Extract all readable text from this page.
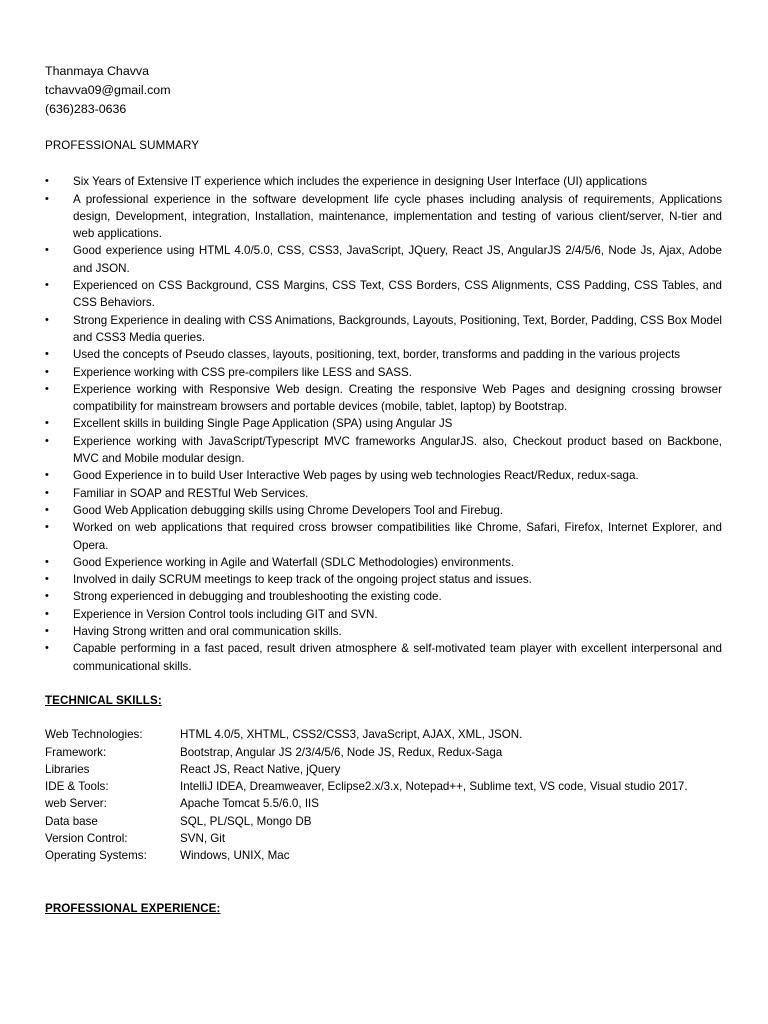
Thanmaya Chavva

tchavva09@gmail.com

(636)283-0636

PROFESSIONAL SUMMARY
• Six Years of Extensive IT experience which includes the experience in designing User Interface (UI) applications
• A professional experience in the software development life cycle phases including analysis of requirements, Applications design, Development, integration, Installation, maintenance, implementation and testing of various client/server, N-tier and web applications.
• Good experience using HTML 4.0/5.0, CSS, CSS3, JavaScript, JQuery, React JS, AngularJS 2/4/5/6, Node Js, Ajax, Adobe and JSON.
• Experienced on CSS Background, CSS Margins, CSS Text, CSS Borders, CSS Alignments, CSS Padding, CSS Tables, and CSS Behaviors.
• Strong Experience in dealing with CSS Animations, Backgrounds, Layouts, Positioning, Text, Border, Padding, CSS Box Model and CSS3 Media queries.
• Used the concepts of Pseudo classes, layouts, positioning, text, border, transforms and padding in the various projects
• Experience working with CSS pre-compilers like LESS and SASS.
• Experience working with Responsive Web design. Creating the responsive Web Pages and designing crossing browser compatibility for mainstream browsers and portable devices (mobile, tablet, laptop) by Bootstrap.
• Excellent skills in building Single Page Application (SPA) using Angular JS
• Experience working with JavaScript/Typescript MVC frameworks AngularJS. also, Checkout product based on Backbone, MVC and Mobile modular design.
• Good Experience in to build User Interactive Web pages by using web technologies React/Redux, redux-saga.
• Familiar in SOAP and RESTful Web Services.
• Good Web Application debugging skills using Chrome Developers Tool and Firebug.
• Worked on web applications that required cross browser compatibilities like Chrome, Safari, Firefox, Internet Explorer, and Opera.
• Good Experience working in Agile and Waterfall (SDLC Methodologies) environments.
• Involved in daily SCRUM meetings to keep track of the ongoing project status and issues.
• Strong experienced in debugging and troubleshooting the existing code.
• Experience in Version Control tools including GIT and SVN.
• Having Strong written and oral communication skills.
• Capable performing in a fast paced, result driven atmosphere & self-motivated team player with excellent interpersonal and communicational skills.
TECHNICAL SKILLS:
Web Technologies:	HTML 4.0/5, XHTML, CSS2/CSS3, JavaScript, AJAX, XML, JSON.
Framework:	Bootstrap, Angular JS 2/3/4/5/6, Node JS, Redux, Redux-Saga
Libraries	React JS, React Native, jQuery
IDE & Tools:	IntelliJ IDEA, Dreamweaver, Eclipse2.x/3.x, Notepad++, Sublime text, VS code, Visual studio 2017.
web Server:	Apache Tomcat 5.5/6.0, IIS
Data base	SQL, PL/SQL, Mongo DB
Version Control:	SVN, Git
Operating Systems:	Windows, UNIX, Mac
PROFESSIONAL EXPERIENCE:
